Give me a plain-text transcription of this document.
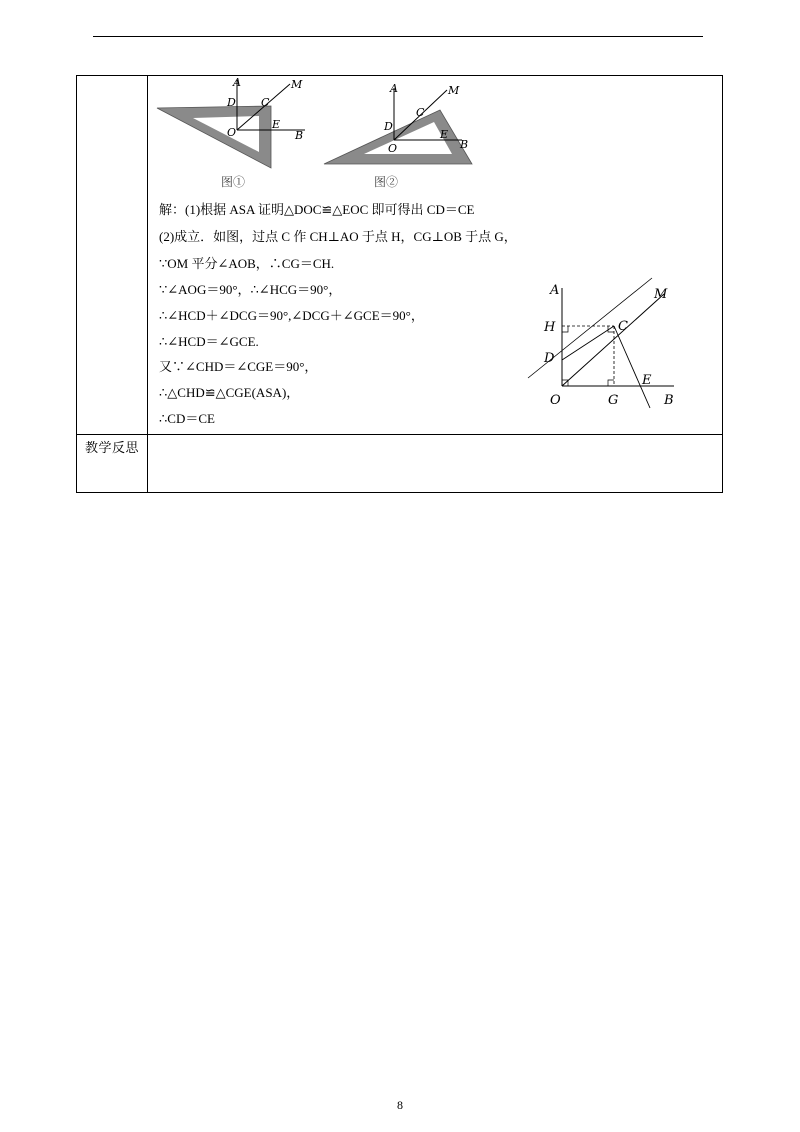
A	M
D C
O
E
B
图①
A	M
C
D
E
O	B
图②
A	M
H	C
D
E
O	G	B
解：(1)根据 ASA 证明△DOC≌△EOC 即可得出 CD＝CE
(2)成立．如图，过点 C 作 CH⊥AO 于点 H，CG⊥OB 于点 G，
∵OM 平分∠AOB，∴CG＝CH.
∵∠AOG＝90°，∴∠HCG＝90°，
∴∠HCD＋∠DCG＝90°,∠DCG＋∠GCE＝90°，
∴∠HCD＝∠GCE.
又∵∠CHD＝∠CGE＝90°，
∴△CHD≌△CGE(ASA)，
∴CD＝CE
教学反思
8
